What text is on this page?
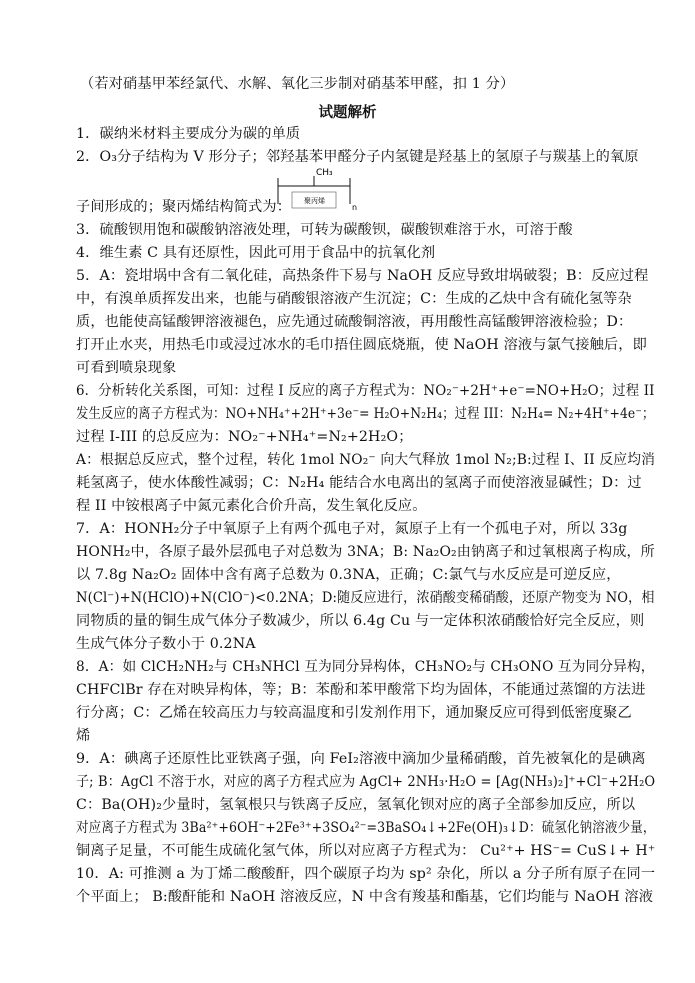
（若对硝基甲苯经氯代、水解、氧化三步制对硝基苯甲醛，扣 1 分）
试题解析
1．碳纳米材料主要成分为碳的单质
2．O₃分子结构为 V 形分子；邻羟基苯甲醛分子内氢键是羟基上的氢原子与羰基上的氧原
CH₃
聚丙烯
n
子间形成的；聚丙烯结构简式为：
3．硫酸钡用饱和碳酸钠溶液处理，可转为碳酸钡，碳酸钡难溶于水，可溶于酸
4．维生素 C 具有还原性，因此可用于食品中的抗氧化剂
5．A：瓷坩埚中含有二氧化硅，高热条件下易与 NaOH 反应导致坩埚破裂；B：反应过程
中，有溴单质挥发出来，也能与硝酸银溶液产生沉淀；C：生成的乙炔中含有硫化氢等杂
质，也能使高锰酸钾溶液褪色，应先通过硫酸铜溶液，再用酸性高锰酸钾溶液检验；D：
打开止水夹，用热毛巾或浸过冰水的毛巾捂住圆底烧瓶，使 NaOH 溶液与氯气接触后，即
可看到喷泉现象
6．分析转化关系图，可知：过程 I 反应的离子方程式为：NO₂⁻+2H⁺+e⁻=NO+H₂O；过程 II
发生反应的离子方程式为：NO+NH₄⁺+2H⁺+3e⁻= H₂O+N₂H₄；过程 III：N₂H₄= N₂+4H⁺+4e⁻；
过程 I-III 的总反应为：NO₂⁻+NH₄⁺=N₂+2H₂O；
A：根据总反应式，整个过程，转化 1mol NO₂⁻ 向大气释放 1mol N₂;B:过程 I、II 反应均消
耗氢离子，使水体酸性减弱；C：N₂H₄ 能结合水电离出的氢离子而使溶液显碱性；D：过
程 II 中铵根离子中氮元素化合价升高，发生氧化反应。
7．A：HONH₂分子中氧原子上有两个孤电子对，氮原子上有一个孤电子对，所以 33g
HONH₂中，各原子最外层孤电子对总数为 3NA；B: Na₂O₂由钠离子和过氧根离子构成，所
以 7.8g Na₂O₂ 固体中含有离子总数为 0.3NA，正确；C:氯气与水反应是可逆反应，
N(Cl⁻)+N(HClO)+N(ClO⁻)<0.2NA；D:随反应进行，浓硝酸变稀硝酸，还原产物变为 NO，相
同物质的量的铜生成气体分子数减少，所以 6.4g Cu 与一定体积浓硝酸恰好完全反应，则
生成气体分子数小于 0.2NA
8．A：如 ClCH₂NH₂与 CH₃NHCl 互为同分异构体，CH₃NO₂与 CH₃ONO 互为同分异构，
CHFClBr 存在对映异构体，等；B：苯酚和苯甲酸常下均为固体，不能通过蒸馏的方法进
行分离；C：乙烯在较高压力与较高温度和引发剂作用下，通加聚反应可得到低密度聚乙
烯
9．A：碘离子还原性比亚铁离子强，向 FeI₂溶液中滴加少量稀硝酸，首先被氧化的是碘离
子; B：AgCl 不溶于水，对应的离子方程式应为 AgCl+ 2NH₃·H₂O = [Ag(NH₃)₂]⁺+Cl⁻+2H₂O
C：Ba(OH)₂少量时，氢氧根只与铁离子反应，氢氧化钡对应的离子全部参加反应，所以
对应离子方程式为 3Ba²⁺+6OH⁻+2Fe³⁺+3SO₄²⁻=3BaSO₄↓+2Fe(OH)₃↓D：硫氢化钠溶液少量，
铜离子足量，不可能生成硫化氢气体，所以对应离子方程式为： Cu²⁺+ HS⁻= CuS↓+ H⁺
10．A: 可推测 a 为丁烯二酸酸酐，四个碳原子均为 sp² 杂化，所以 a 分子所有原子在同一
个平面上； B:酸酐能和 NaOH 溶液反应，N 中含有羧基和酯基，它们均能与 NaOH 溶液
